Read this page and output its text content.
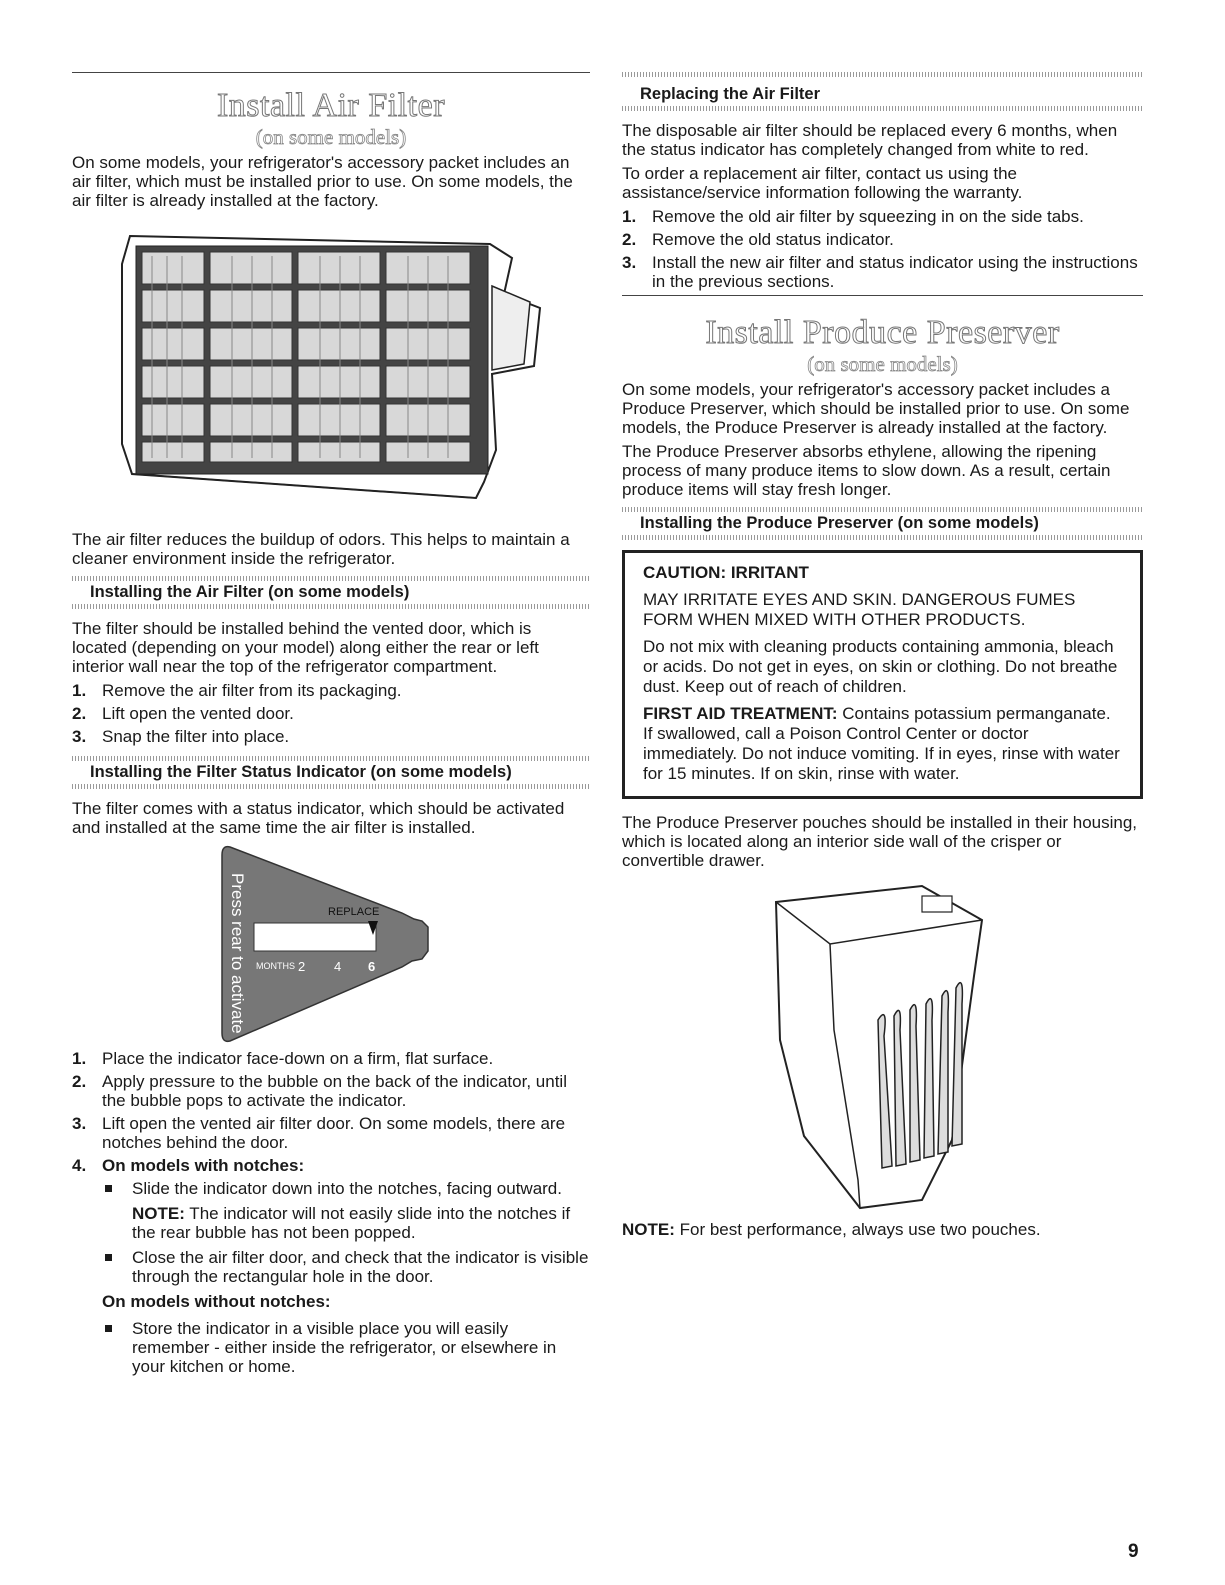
Install Air Filter
(on some models)

On some models, your refrigerator's accessory packet includes an air filter, which must be installed prior to use. On some models, the air filter is already installed at the factory.

The air filter reduces the buildup of odors. This helps to maintain a cleaner environment inside the refrigerator.

Installing the Air Filter (on some models)

The filter should be installed behind the vented door, which is located (depending on your model) along either the rear or left interior wall near the top of the refrigerator compartment.

1. Remove the air filter from its packaging.
2. Lift open the vented door.
3. Snap the filter into place.
Installing the Filter Status Indicator (on some models)

The filter comes with a status indicator, which should be activated and installed at the same time the air filter is installed.

Press rear to activate	REPLACE
MONTHS 2 4 6
1. Place the indicator face-down on a firm, flat surface.
2. Apply pressure to the bubble on the back of the indicator, until the bubble pops to activate the indicator.
3. Lift open the vented air filter door. On some models, there are notches behind the door.
4. On models with notches:
Slide the indicator down into the notches, facing outward.

NOTE: The indicator will not easily slide into the notches if the rear bubble has not been popped.

Close the air filter door, and check that the indicator is visible through the rectangular hole in the door.

On models without notches:

Store the indicator in a visible place you will easily remember - either inside the refrigerator, or elsewhere in your kitchen or home.
Replacing the Air Filter

The disposable air filter should be replaced every 6 months, when the status indicator has completely changed from white to red.

To order a replacement air filter, contact us using the assistance/service information following the warranty.

1. Remove the old air filter by squeezing in on the side tabs.
2. Remove the old status indicator.
3. Install the new air filter and status indicator using the instructions in the previous sections.
Install Produce Preserver
(on some models)

On some models, your refrigerator's accessory packet includes a Produce Preserver, which should be installed prior to use. On some models, the Produce Preserver is already installed at the factory.

The Produce Preserver absorbs ethylene, allowing the ripening process of many produce items to slow down. As a result, certain produce items will stay fresh longer.

Installing the Produce Preserver (on some models)

CAUTION: IRRITANT

MAY IRRITATE EYES AND SKIN. DANGEROUS FUMES FORM WHEN MIXED WITH OTHER PRODUCTS.

Do not mix with cleaning products containing ammonia, bleach or acids. Do not get in eyes, on skin or clothing. Do not breathe dust. Keep out of reach of children.

FIRST AID TREATMENT: Contains potassium permanganate. If swallowed, call a Poison Control Center or doctor immediately. Do not induce vomiting. If in eyes, rinse with water for 15 minutes. If on skin, rinse with water.

The Produce Preserver pouches should be installed in their housing, which is located along an interior side wall of the crisper or convertible drawer.

NOTE: For best performance, always use two pouches.

9
